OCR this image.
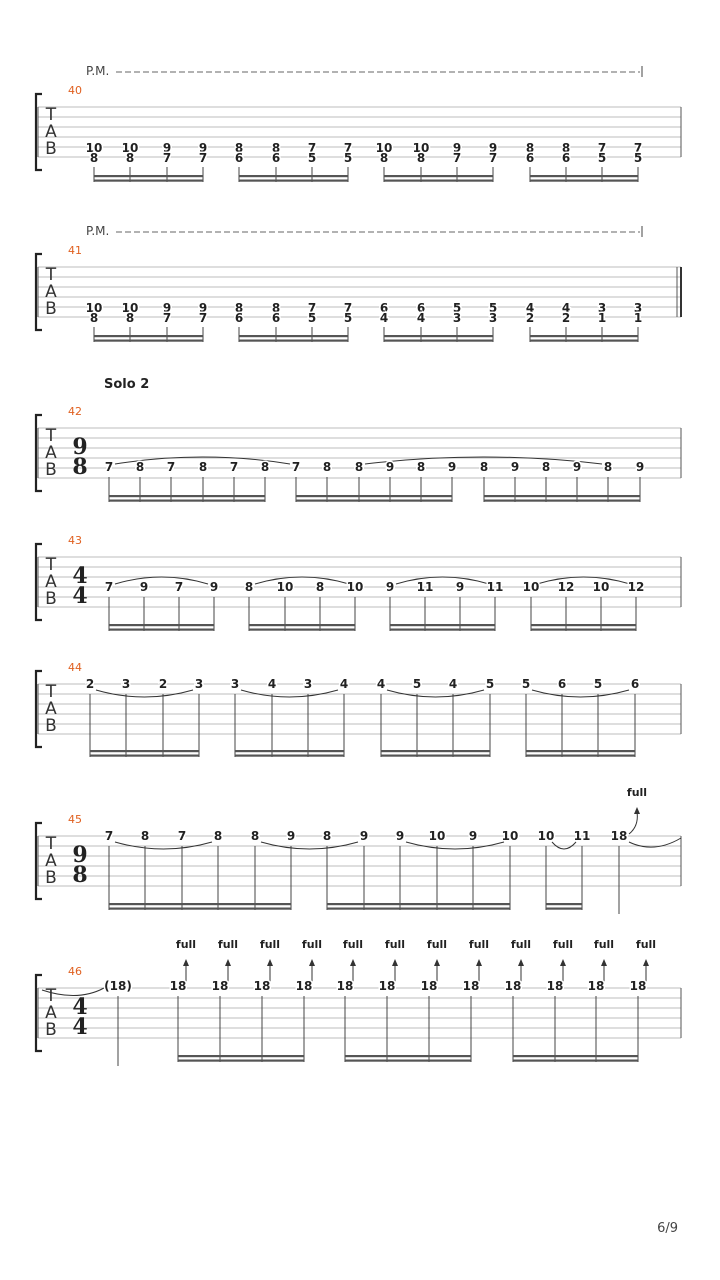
Solo 2
T
A
B
40
P.M.
10
8
10
8
9
7
9
7
8
6
8
6
7
5
7
5
10
8
10
8
9
7
9
7
8
6
8
6
7
5
7
5
T
A
B
41
P.M.
10
8
10
8
9
7
9
7
8
6
8
6
7
5
7
5
6
4
6
4
5
3
5
3
4
2
4
2
3
1
3
1
T
A
B
42
9
8 7 8 7 8 7 8 7 8 8 9 8 9 8 9 8 9 8 9
T
A
B
43
4
4 7 9 7 9 8 10 8 10 9 11 9 11 10 12 10 12
T
A
B
44
2 3 2 3 3 4 3 4 4 5 4 5 5 6 5 6
T
A
B
45
9
8
7 8 7 8 8 9 8 9 9 10 9 10 10 11 18
full
T
A
B
46
4
4
18 18 18 18 18 18 18 18 18 18 18 18
(18)
full full full full full full full full full full full full
6/9
